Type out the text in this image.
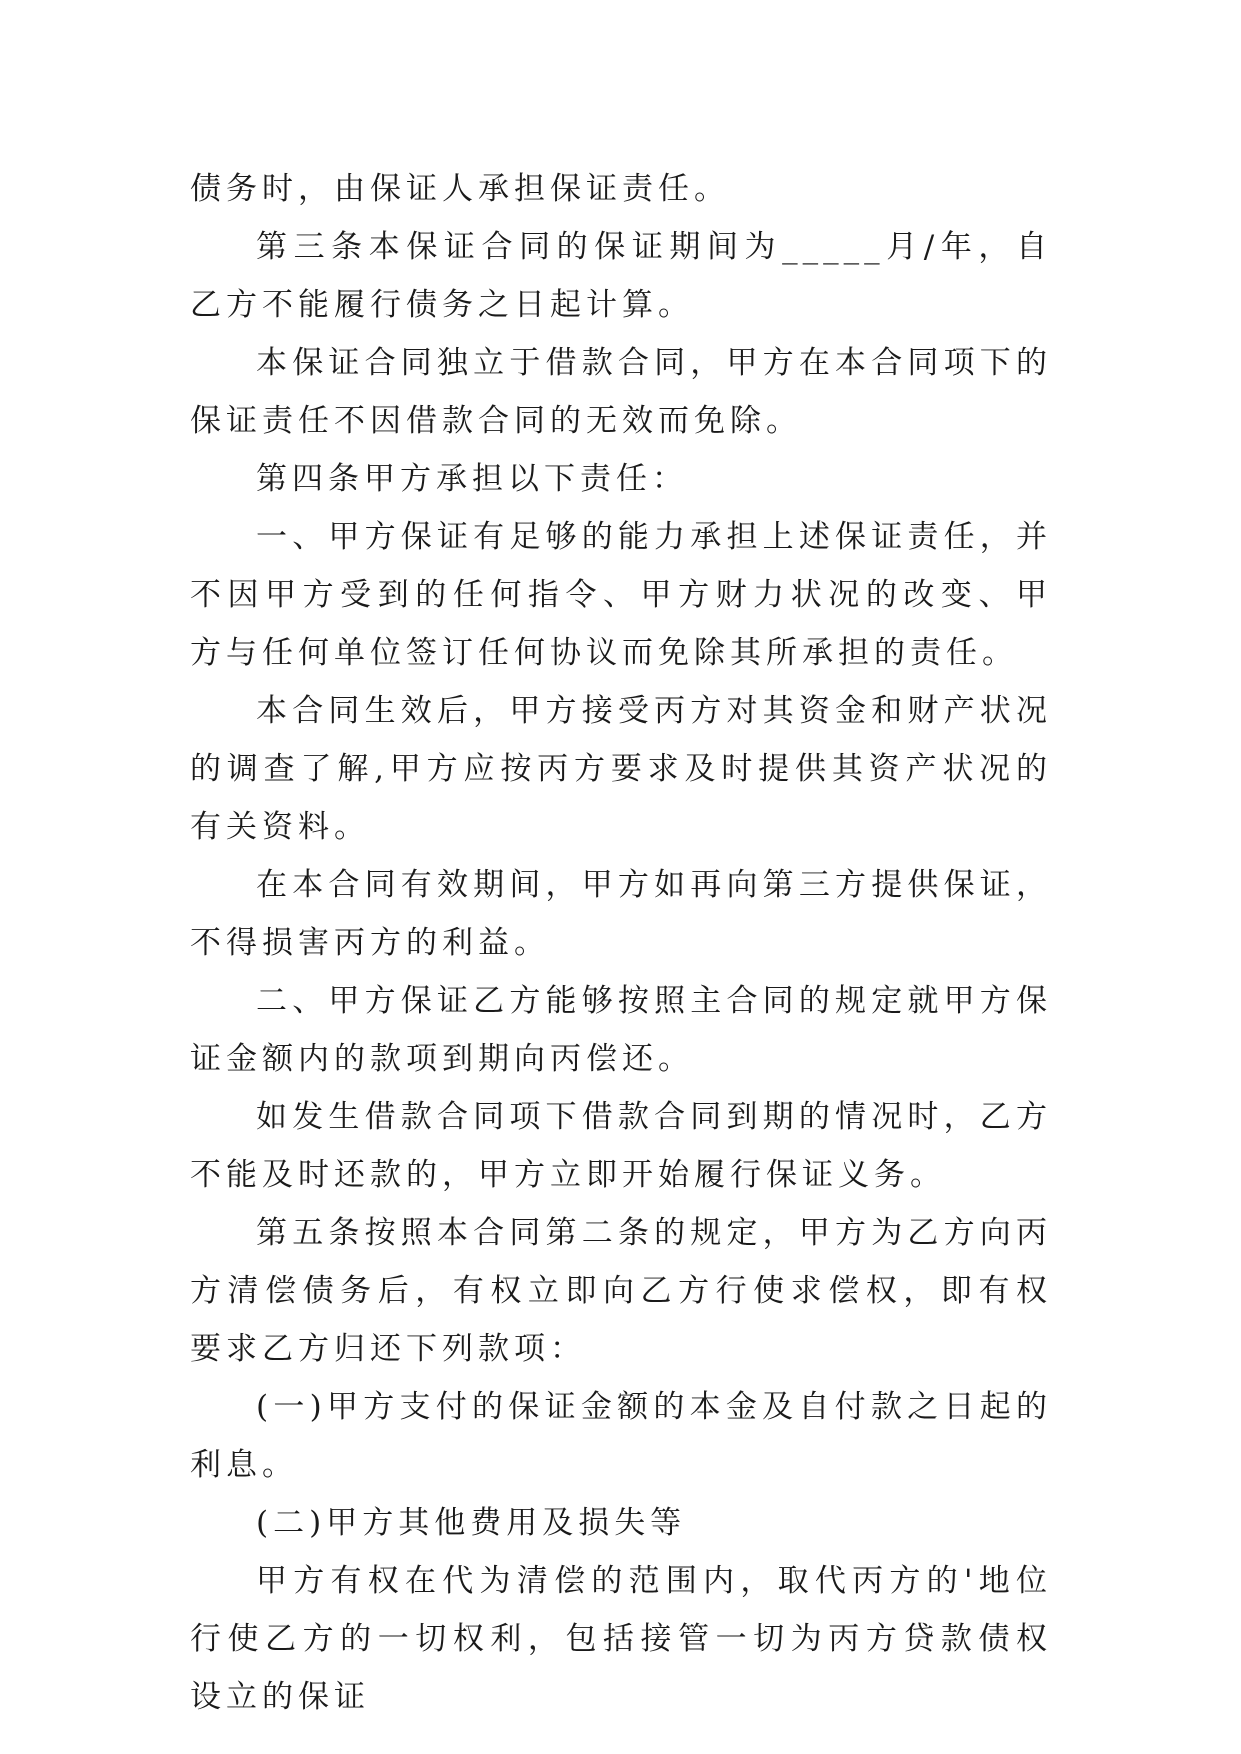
债务时，由保证人承担保证责任。

第三条本保证合同的保证期间为_____月/年，自乙方不能履行债务之日起计算。

本保证合同独立于借款合同，甲方在本合同项下的保证责任不因借款合同的无效而免除。

第四条甲方承担以下责任：

一、甲方保证有足够的能力承担上述保证责任，并不因甲方受到的任何指令、甲方财力状况的改变、甲方与任何单位签订任何协议而免除其所承担的责任。

本合同生效后，甲方接受丙方对其资金和财产状况的调查了解,甲方应按丙方要求及时提供其资产状况的有关资料。

在本合同有效期间，甲方如再向第三方提供保证，不得损害丙方的利益。

二、甲方保证乙方能够按照主合同的规定就甲方保证金额内的款项到期向丙偿还。

如发生借款合同项下借款合同到期的情况时，乙方不能及时还款的，甲方立即开始履行保证义务。

第五条按照本合同第二条的规定，甲方为乙方向丙方清偿债务后，有权立即向乙方行使求偿权，即有权要求乙方归还下列款项：

(一)甲方支付的保证金额的本金及自付款之日起的利息。

(二)甲方其他费用及损失等

甲方有权在代为清偿的范围内，取代丙方的'地位行使乙方的一切权利，包括接管一切为丙方贷款债权设立的保证
